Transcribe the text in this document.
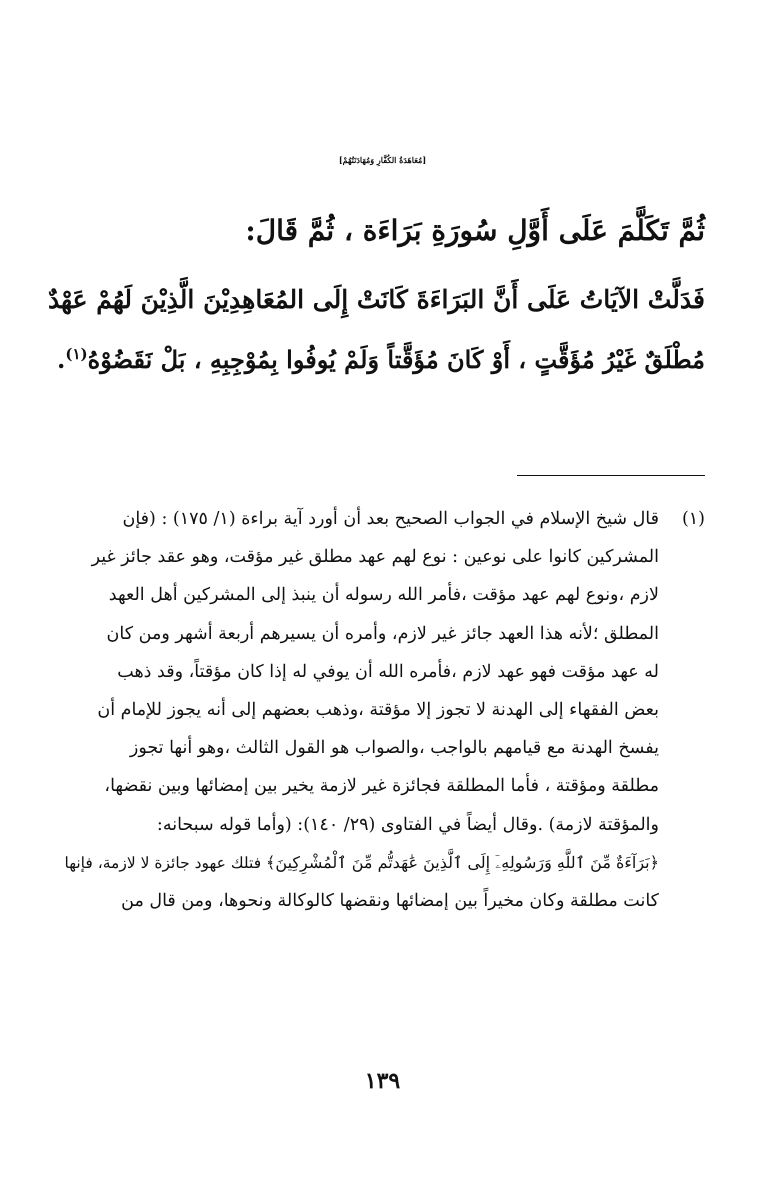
[مُعَاهَدَةُ الكُفَّارِ وَمُهَادَنَتُهُمْ]
ثُمَّ تَكَلَّمَ عَلَى أَوَّلِ سُورَةِ بَرَاءَة ، ثُمَّ قَالَ:
فَدَلَّتْ الآيَاتُ عَلَى أَنَّ البَرَاءَةَ كَانَتْ إِلَى المُعَاهِدِيْنَ الَّذِيْنَ لَهُمْ عَهْدٌ
مُطْلَقٌ غَيْرُ مُؤَقَّتٍ ، أَوْ كَانَ مُؤَقَّتاً وَلَمْ يُوفُوا بِمُوْجِبِهِ ، بَلْ نَقَضُوْهُ$^{(١)}$.
(١)
قال شيخ الإسلام في الجواب الصحيح بعد أن أورد آية براءة (١/ ١٧٥) : (فإن
المشركين كانوا على نوعين : نوع لهم عهد مطلق غير مؤقت، وهو عقد جائز غير
لازم ،ونوع لهم عهد مؤقت ،فأمر الله رسوله أن ينبذ إلى المشركين أهل العهد
المطلق ؛لأنه هذا العهد جائز غير لازم، وأمره أن يسيرهم أربعة أشهر ومن كان
له عهد مؤقت فهو عهد لازم ،فأمره الله أن يوفي له إذا كان مؤقتاً، وقد ذهب
بعض الفقهاء إلى الهدنة لا تجوز إلا مؤقتة ،وذهب بعضهم إلى أنه يجوز للإمام أن
يفسخ الهدنة مع قيامهم بالواجب ،والصواب هو القول الثالث ،وهو أنها تجوز
مطلقة ومؤقتة ، فأما المطلقة فجائزة غير لازمة يخير بين إمضائها وبين نقضها،
والمؤقتة لازمة) .وقال أيضاً في الفتاوى (٢٩/ ١٤٠): (وأما قوله سبحانه:
﴿بَرَآءَةٌ مِّنَ ٱللَّهِ وَرَسُولِهِۦٓ إِلَى ٱلَّذِينَ عَٰهَدتُّم مِّنَ ٱلْمُشْرِكِينَ﴾ فتلك عهود جائزة لا لازمة، فإنها
كانت مطلقة وكان مخيراً بين إمضائها ونقضها كالوكالة ونحوها، ومن قال من
١٣٩
